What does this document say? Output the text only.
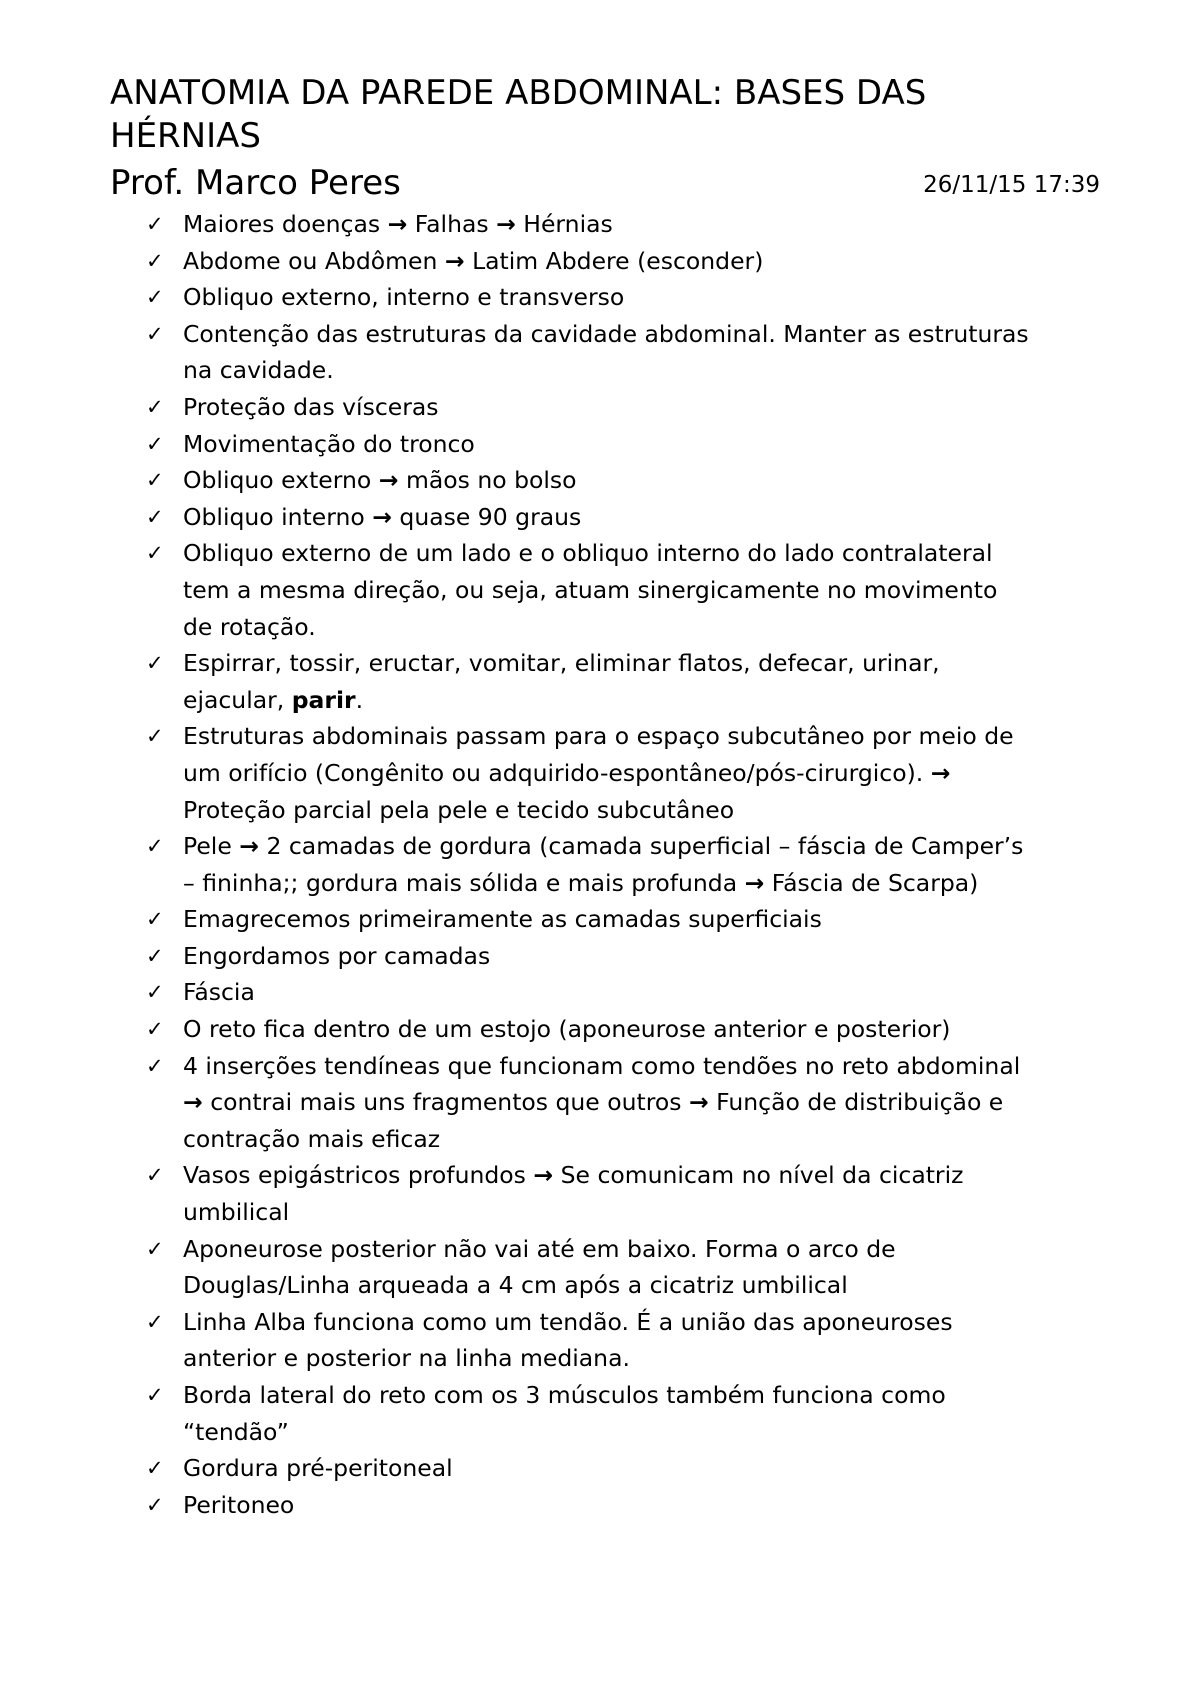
ANATOMIA DA PAREDE ABDOMINAL: BASES DAS
HÉRNIAS
Prof. Marco Peres	26/11/15 17:39
✓ Maiores doenças → Falhas → Hérnias
✓ Abdome ou Abdômen → Latim Abdere (esconder)
✓ Obliquo externo, interno e transverso
✓ Contenção das estruturas da cavidade abdominal. Manter as estruturas
na cavidade.
✓ Proteção das vísceras
✓ Movimentação do tronco
✓ Obliquo externo → mãos no bolso
✓ Obliquo interno → quase 90 graus
✓ Obliquo externo de um lado e o obliquo interno do lado contralateral
tem a mesma direção, ou seja, atuam sinergicamente no movimento
de rotação.
✓ Espirrar, tossir, eructar, vomitar, eliminar flatos, defecar, urinar,
ejacular, parir.
✓ Estruturas abdominais passam para o espaço subcutâneo por meio de
um orifício (Congênito ou adquirido-espontâneo/pós-cirurgico). →
Proteção parcial pela pele e tecido subcutâneo
✓ Pele → 2 camadas de gordura (camada superficial – fáscia de Camper’s
– fininha;; gordura mais sólida e mais profunda → Fáscia de Scarpa)
✓ Emagrecemos primeiramente as camadas superficiais
✓ Engordamos por camadas
✓ Fáscia
✓ O reto fica dentro de um estojo (aponeurose anterior e posterior)
✓ 4 inserções tendíneas que funcionam como tendões no reto abdominal
→ contrai mais uns fragmentos que outros → Função de distribuição e
contração mais eficaz
✓ Vasos epigástricos profundos → Se comunicam no nível da cicatriz
umbilical
✓ Aponeurose posterior não vai até em baixo. Forma o arco de
Douglas/Linha arqueada a 4 cm após a cicatriz umbilical
✓ Linha Alba funciona como um tendão. É a união das aponeuroses
anterior e posterior na linha mediana.
✓ Borda lateral do reto com os 3 músculos também funciona como
“tendão”
✓ Gordura pré-peritoneal
✓ Peritoneo
